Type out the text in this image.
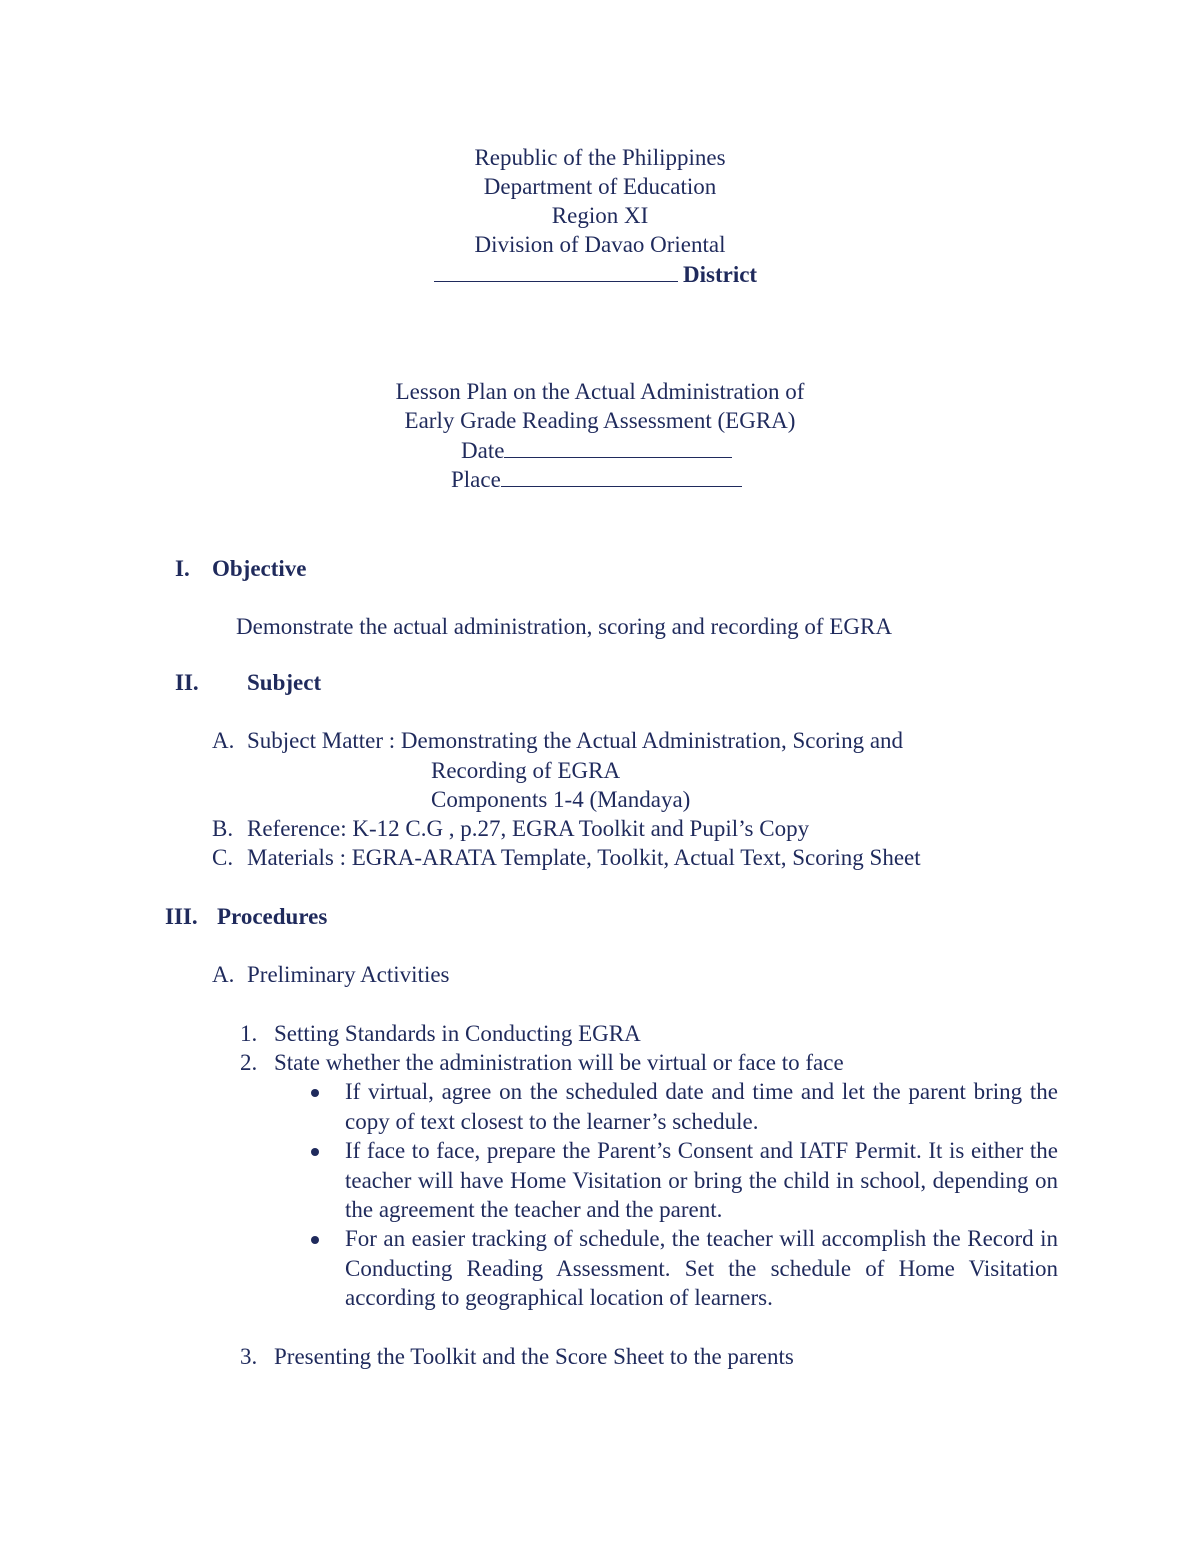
Republic of the Philippines
Department of Education
Region XI
Division of Davao Oriental
District
Lesson Plan on the Actual Administration of
Early Grade Reading Assessment (EGRA)
Date
Place
I. Objective
Demonstrate the actual administration, scoring and recording of EGRA
II. Subject
A. Subject Matter : Demonstrating the Actual Administration, Scoring and
Recording of EGRA
Components 1-4 (Mandaya)
B. Reference: K-12 C.G , p.27, EGRA Toolkit and Pupil’s Copy
C. Materials : EGRA-ARATA Template, Toolkit, Actual Text, Scoring Sheet
III. Procedures
A. Preliminary Activities
1. Setting Standards in Conducting EGRA
2. State whether the administration will be virtual or face to face
If virtual, agree on the scheduled date and time and let the parent bring the copy of text closest to the learner’s schedule.
If face to face, prepare the Parent’s Consent and IATF Permit. It is either the teacher will have Home Visitation or bring the child in school, depending on the agreement the teacher and the parent.
For an easier tracking of schedule, the teacher will accomplish the Record in Conducting Reading Assessment. Set the schedule of Home Visitation according to geographical location of learners.
3. Presenting the Toolkit and the Score Sheet to the parents
